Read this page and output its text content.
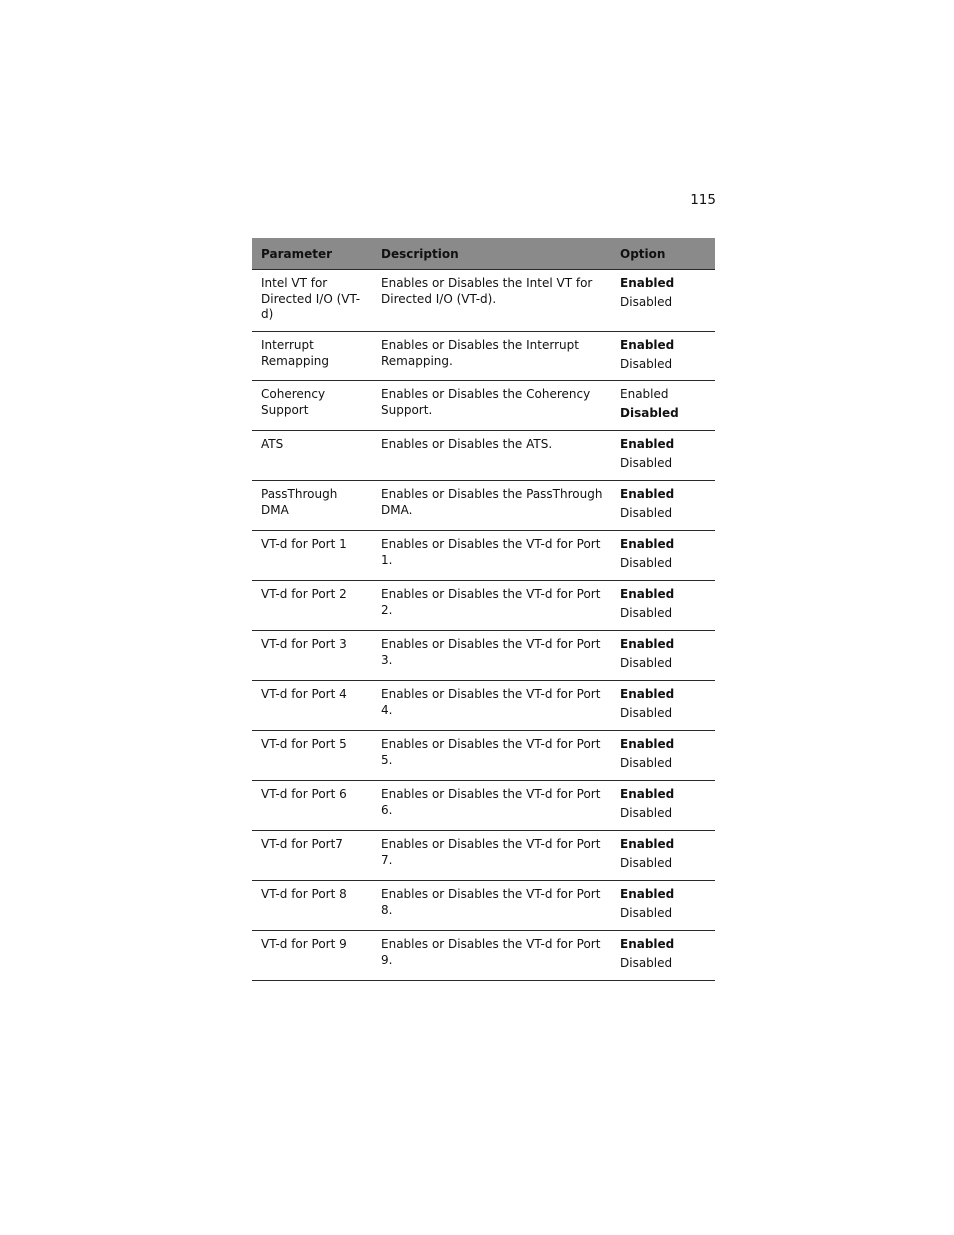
115
Parameter	Description	Option
Intel VT for Directed I/O (VT-d)	Enables or Disables the Intel VT for Directed I/O (VT-d).	Enabled
Disabled

Interrupt Remapping	Enables or Disables the Interrupt Remapping.	Enabled
Disabled

Coherency Support	Enables or Disables the Coherency Support.	Enabled
Disabled

ATS	Enables or Disables the ATS.	Enabled
Disabled

PassThrough DMA	Enables or Disables the PassThrough DMA.	Enabled
Disabled

VT-d for Port 1	Enables or Disables the VT-d for Port 1.	Enabled
Disabled

VT-d for Port 2	Enables or Disables the VT-d for Port 2.	Enabled
Disabled

VT-d for Port 3	Enables or Disables the VT-d for Port 3.	Enabled
Disabled

VT-d for Port 4	Enables or Disables the VT-d for Port 4.	Enabled
Disabled

VT-d for Port 5	Enables or Disables the VT-d for Port 5.	Enabled
Disabled

VT-d for Port 6	Enables or Disables the VT-d for Port 6.	Enabled
Disabled

VT-d for Port7	Enables or Disables the VT-d for Port 7.	Enabled
Disabled

VT-d for Port 8	Enables or Disables the VT-d for Port 8.	Enabled
Disabled

VT-d for Port 9	Enables or Disables the VT-d for Port 9.	Enabled
Disabled
